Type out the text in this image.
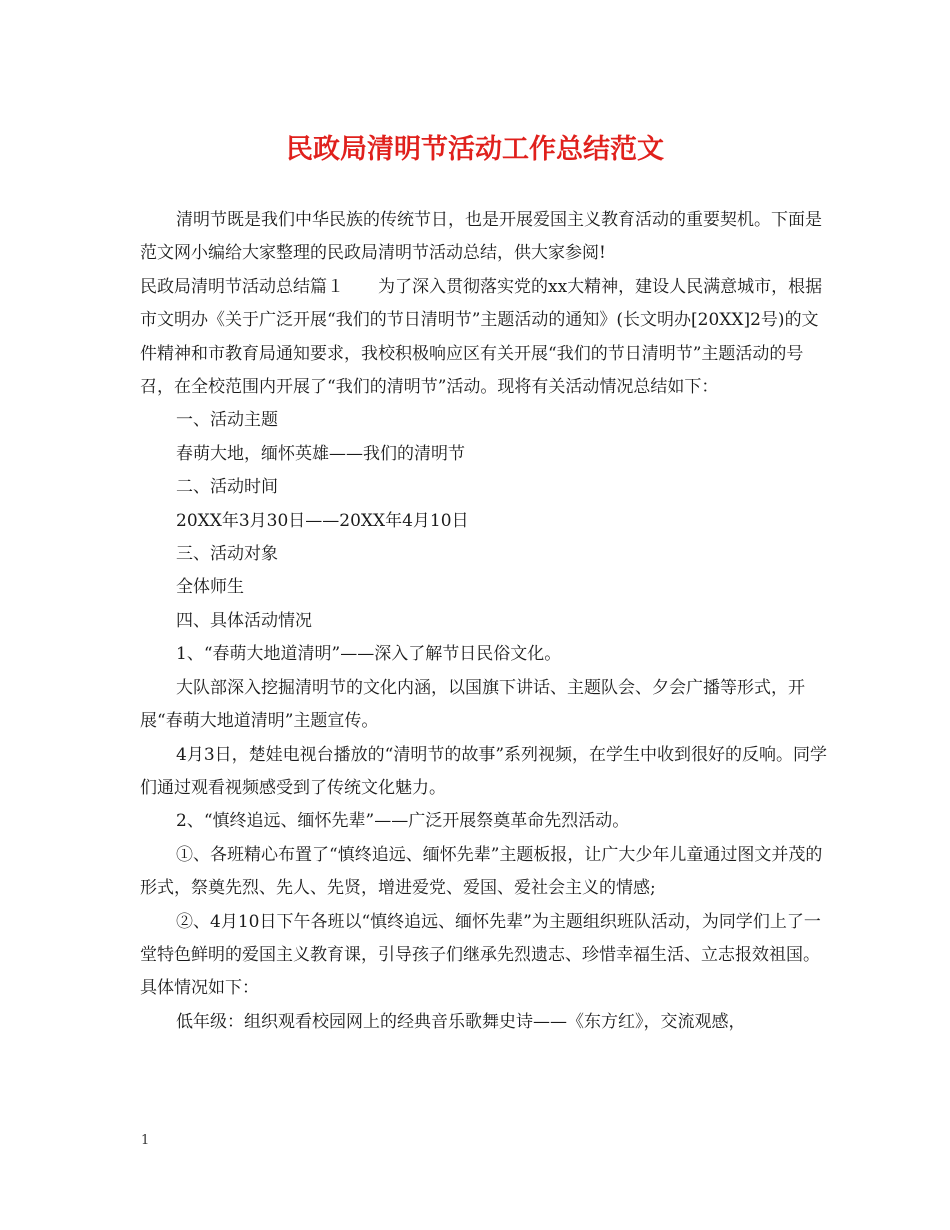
民政局清明节活动工作总结范文

清明节既是我们中华民族的传统节日，也是开展爱国主义教育活动的重要契机。下面是范文网小编给大家整理的民政局清明节活动总结，供大家参阅!

民政局清明节活动总结篇１　　为了深入贯彻落实党的xx大精神，建设人民满意城市，根据市文明办《关于广泛开展“我们的节日清明节”主题活动的通知》(长文明办[20XX]2号)的文件精神和市教育局通知要求，我校积极响应区有关开展“我们的节日清明节”主题活动的号召，在全校范围内开展了“我们的清明节”活动。现将有关活动情况总结如下：

一、活动主题

春萌大地，缅怀英雄——我们的清明节

二、活动时间

20XX年3月30日——20XX年4月10日

三、活动对象

全体师生

四、具体活动情况

1、“春萌大地道清明”——深入了解节日民俗文化。

大队部深入挖掘清明节的文化内涵，以国旗下讲话、主题队会、夕会广播等形式，开展“春萌大地道清明”主题宣传。

4月3日，楚娃电视台播放的“清明节的故事”系列视频，在学生中收到很好的反响。同学们通过观看视频感受到了传统文化魅力。

2、“慎终追远、缅怀先辈”——广泛开展祭奠革命先烈活动。

①、各班精心布置了“慎终追远、缅怀先辈”主题板报，让广大少年儿童通过图文并茂的形式，祭奠先烈、先人、先贤，增进爱党、爱国、爱社会主义的情感;

②、4月10日下午各班以“慎终追远、缅怀先辈”为主题组织班队活动，为同学们上了一堂特色鲜明的爱国主义教育课，引导孩子们继承先烈遗志、珍惜幸福生活、立志报效祖国。具体情况如下：

低年级：组织观看校园网上的经典音乐歌舞史诗——《东方红》，交流观感，

1
